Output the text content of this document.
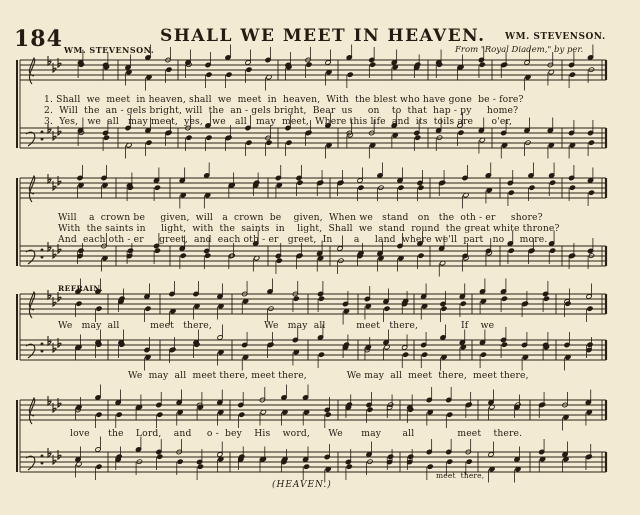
184	SHALL WE MEET IN HEAVEN. WM. STEVENSON.
WM. STEVENSON.	From "Royal Diadem," by per.
1. Shall  we  meet  in heaven, shall  we  meet  in  heaven,  With  the blest who have gone  be - fore?
2.  Will  the  an - gels bright, will  the  an - gels bright,  Bear  us     on    to  that  hap - py     home?
3.  Yes,   we  all   may meet,  yes,   we   all   may  meet,  Where this life  and  its  toils are      o'er,
Will    a  crown be     given,  will   a  crown  be    given,  When we   stand   on   the  oth - er     shore?
With  the saints in     light,  with  the  saints  in    light,  Shall  we  stand  round  the great white throne?
And  each oth - er     greet,  and  each oth - er   greet,  In       a     land  where we'll  part   no     more.
REFRAIN.
We   may  all          meet   there,                 We   may  all          meet   there,              If    we
We  may  all  meet there, meet there,             We may  all  meet  there,  meet there,
love      the    Lord,    and     o -  bey    His    word,      We      may       all              meet    there.
meet  there,
(HEAVEN.)
